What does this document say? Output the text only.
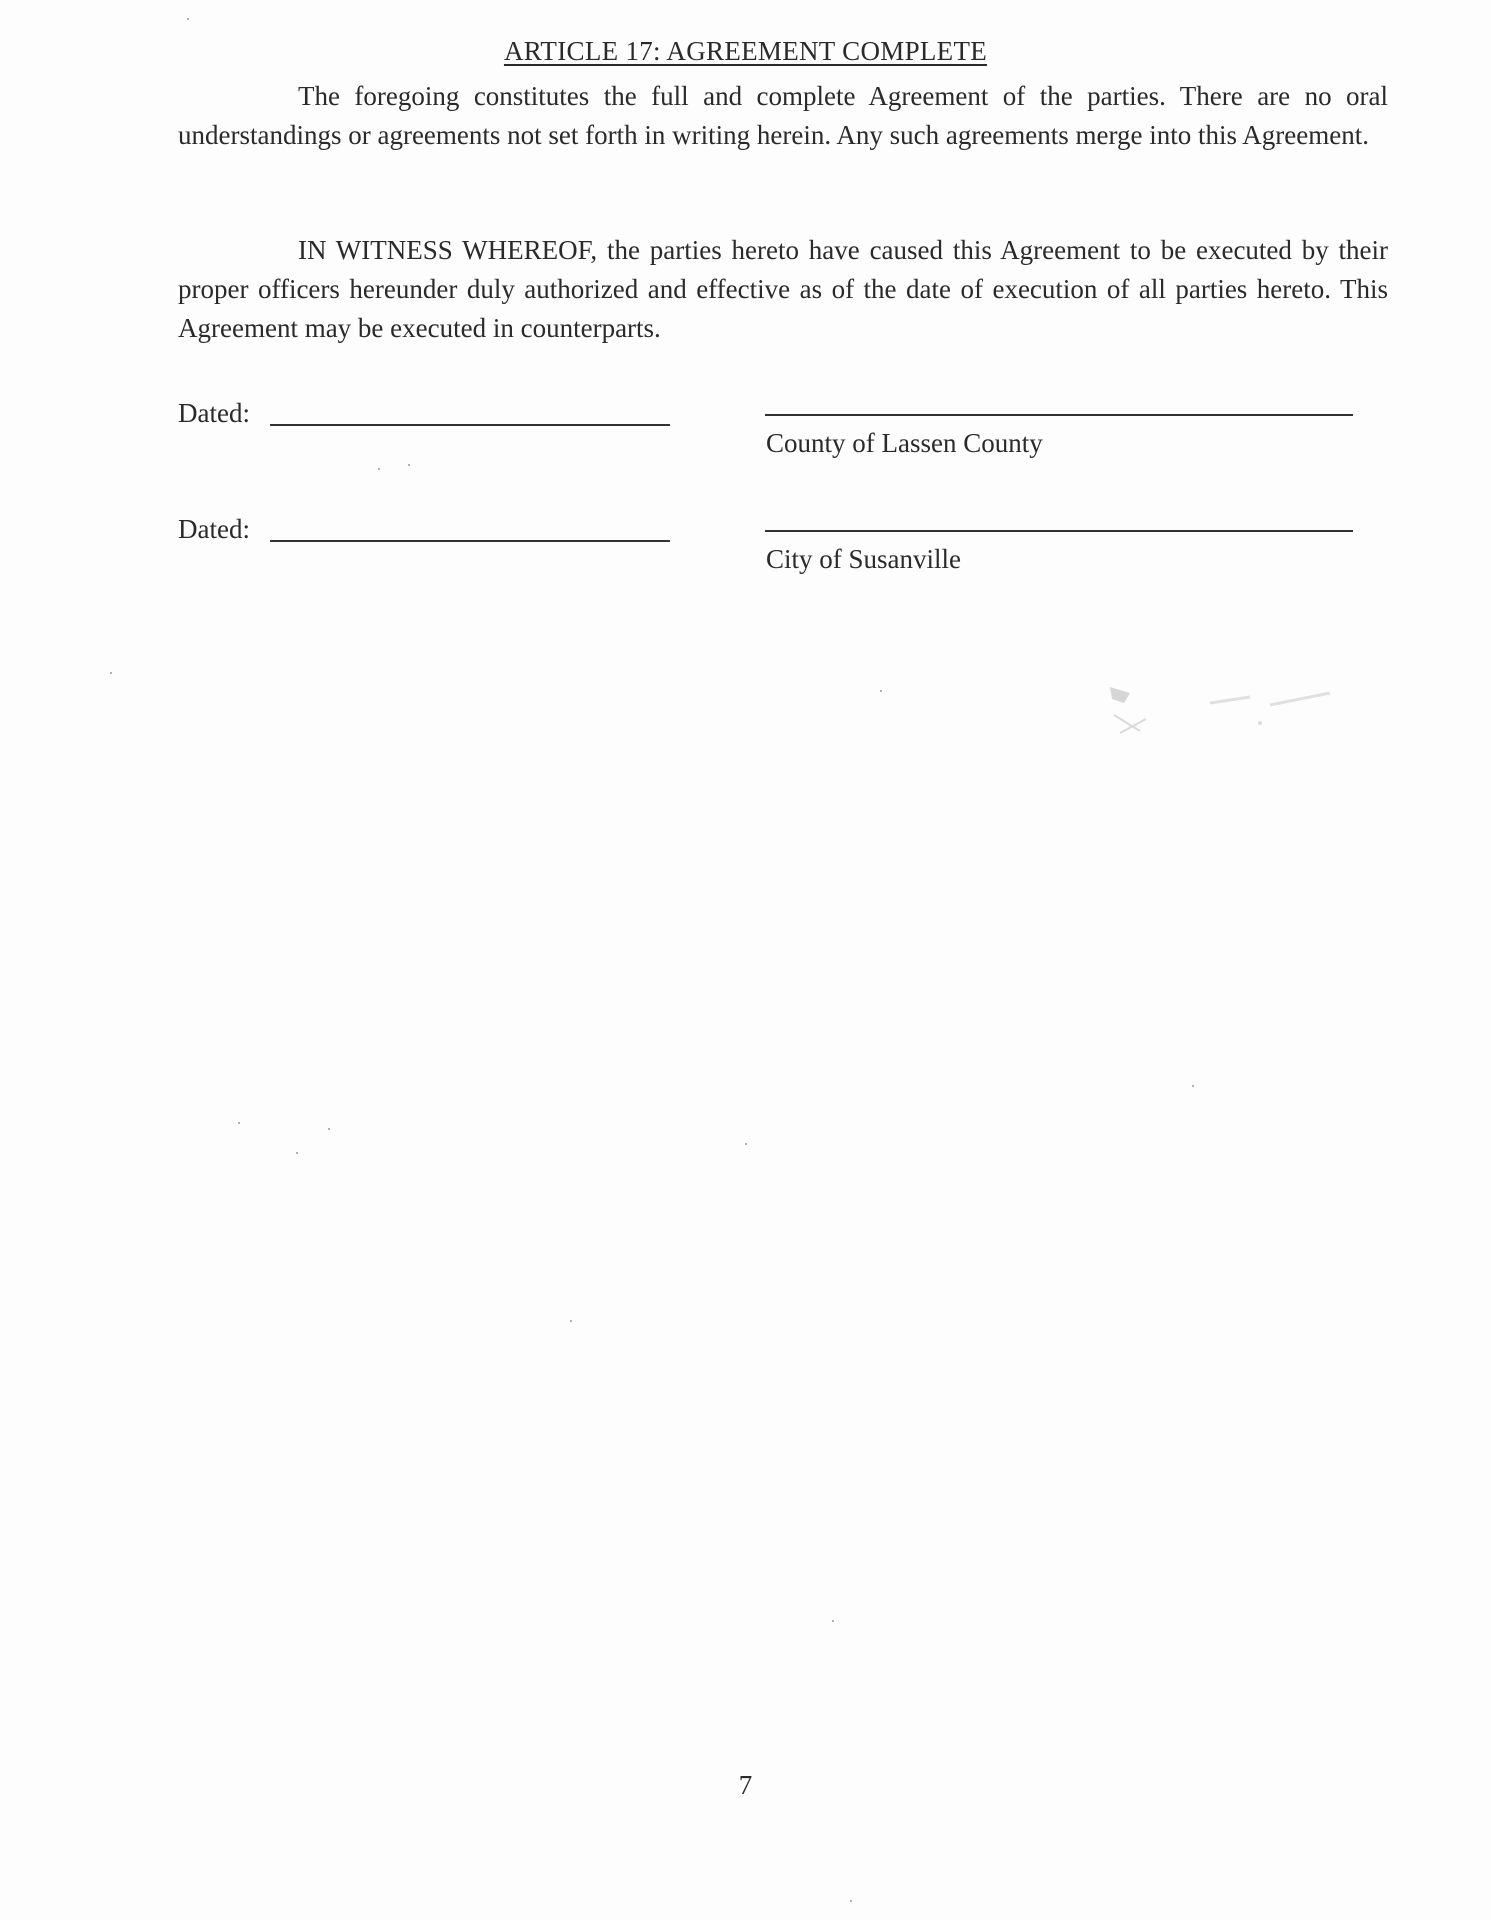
ARTICLE 17: AGREEMENT COMPLETE

The foregoing constitutes the full and complete Agreement of the parties. There are no oral understandings or agreements not set forth in writing herein. Any such agreements merge into this Agreement.

IN WITNESS WHEREOF, the parties hereto have caused this Agreement to be executed by their proper officers hereunder duly authorized and effective as of the date of execution of all parties hereto. This Agreement may be executed in counterparts.

Dated:
County of Lassen County
Dated:
City of Susanville
7
